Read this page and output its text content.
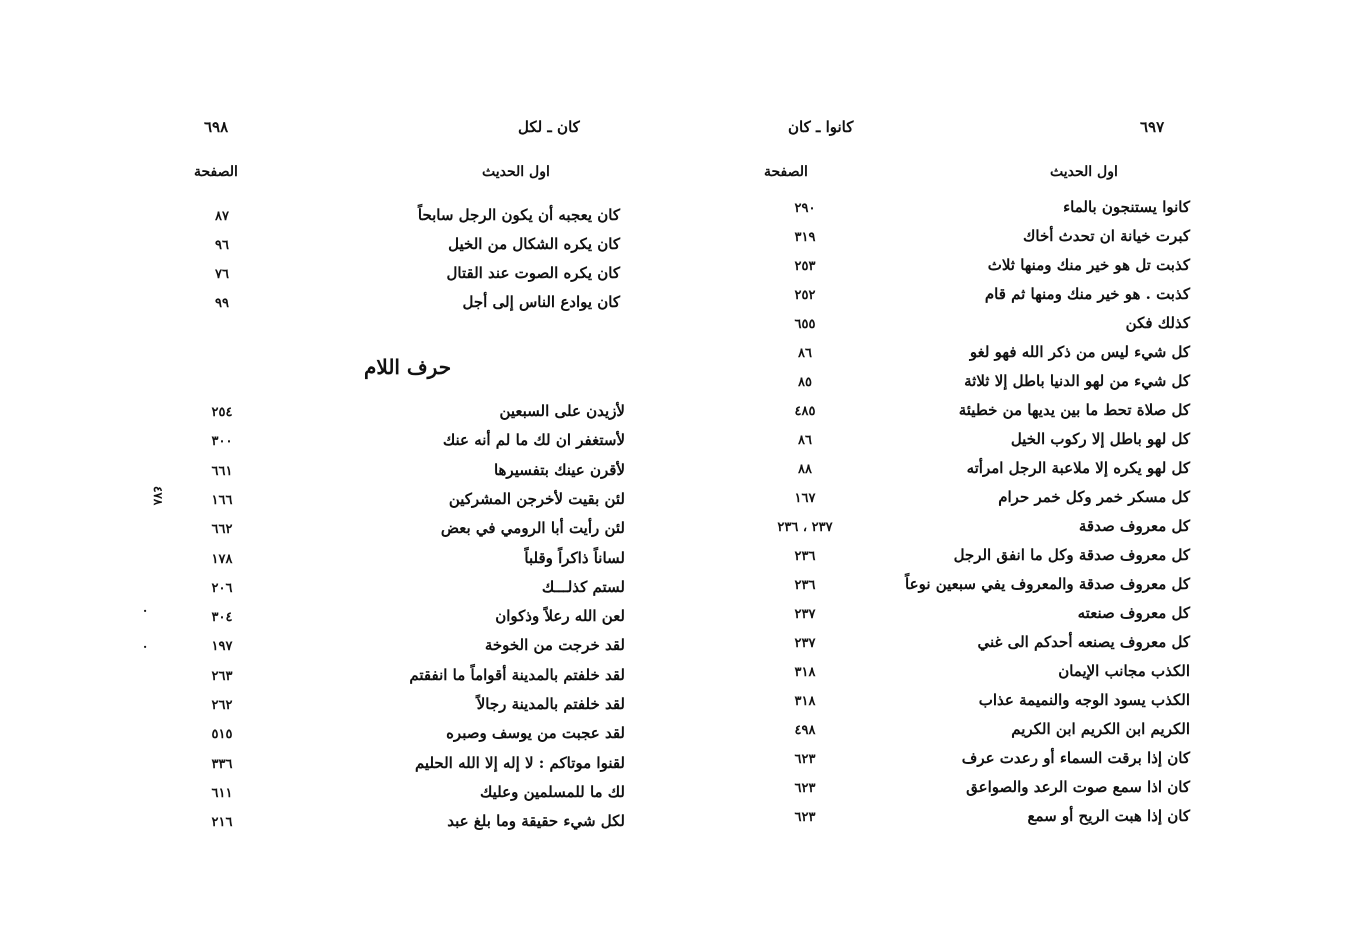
٦٩٧
كانوا ـ كان
اول الحديث
الصفحة
كانوا يستنجون بالماء
٢٩٠
كبرت خيانة ان تحدث أخاك
٣١٩
كذبت تل هو خير منك ومنها ثلاث
٢٥٣
كذبت . هو خير منك ومنها ثم قام
٢٥٢
كذلك فكن
٦٥٥
كل شيء ليس من ذكر الله فهو لغو
٨٦
كل شيء من لهو الدنيا باطل إلا ثلاثة
٨٥
كل صلاة تحط ما بين يديها من خطيئة
٤٨٥
كل لهو باطل إلا ركوب الخيل
٨٦
كل لهو يكره إلا ملاعبة الرجل امرأته
٨٨
كل مسكر خمر وكل خمر حرام
١٦٧
كل معروف صدقة
٢٣٧ ، ٢٣٦
كل معروف صدقة وكل ما انفق الرجل
٢٣٦
كل معروف صدقة والمعروف يفي سبعين نوعاً
٢٣٦
كل معروف صنعته
٢٣٧
كل معروف يصنعه أحدكم الى غني
٢٣٧
الكذب مجانب الإيمان
٣١٨
الكذب يسود الوجه والنميمة عذاب
٣١٨
الكريم ابن الكريم ابن الكريم
٤٩٨
كان إذا برقت السماء أو رعدت عرف
٦٢٣
كان اذا سمع صوت الرعد والصواعق
٦٢٣
كان إذا هبت الريح أو سمع
٦٢٣
٦٩٨	كان ـ لكل
اول الحديث
الصفحة
كان يعجبه أن يكون الرجل سابحاً
٨٧
كان يكره الشكال من الخيل
٩٦
كان يكره الصوت عند القتال
٧٦
كان يوادع الناس إلى أجل
٩٩
حرف اللام
لأزيدن على السبعين
٢٥٤
لأستغفر ان لك ما لم أنه عنك
٣٠٠
لأقرن عينك بتفسيرها
٦٦١
لئن بقيت لأخرجن المشركين
١٦٦
لئن رأيت أبا الرومي في بعض
٦٦٢
لساناً ذاكراً وقلباً
١٧٨
لستم كذلـــك
٢٠٦
لعن الله رعلاً وذكوان
٣٠٤
لقد خرجت من الخوخة
١٩٧
لقد خلفتم بالمدينة أقواماً ما انفقتم
٢٦٣
لقد خلفتم بالمدينة رجالاً
٢٦٢
لقد عجبت من يوسف وصبره
٥١٥
لقنوا موتاكم : لا إله إلا الله الحليم
٣٣٦
لك ما للمسلمين وعليك
٦١١
لكل شيء حقيقة وما بلغ عبد
٢١٦
٤٧٨
·
·
